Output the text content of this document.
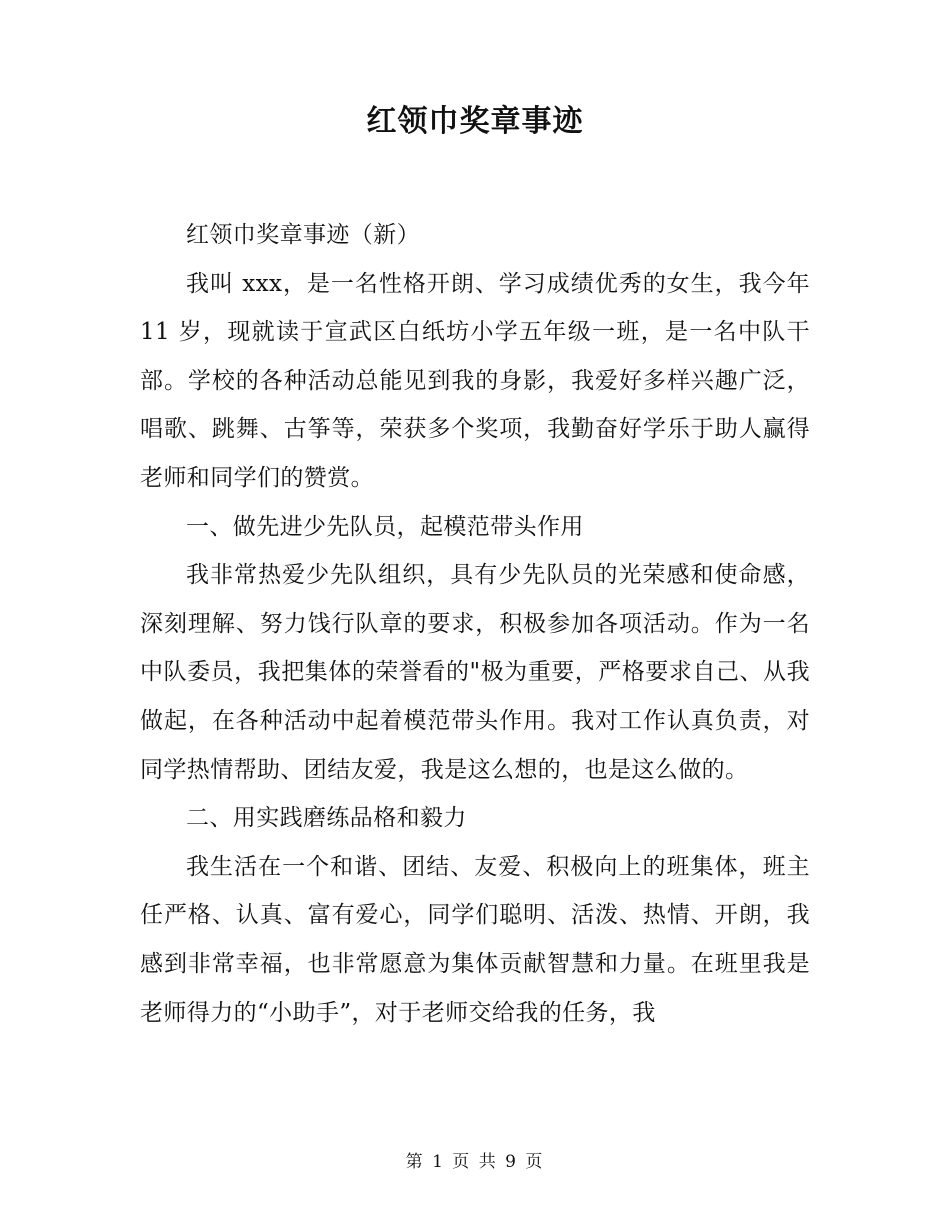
红领巾奖章事迹

红领巾奖章事迹（新）

我叫 xxx，是一名性格开朗、学习成绩优秀的女生，我今年 11 岁，现就读于宣武区白纸坊小学五年级一班，是一名中队干部。学校的各种活动总能见到我的身影，我爱好多样兴趣广泛，唱歌、跳舞、古筝等，荣获多个奖项，我勤奋好学乐于助人赢得老师和同学们的赞赏。

一、做先进少先队员，起模范带头作用

我非常热爱少先队组织，具有少先队员的光荣感和使命感，深刻理解、努力饯行队章的要求，积极参加各项活动。作为一名中队委员，我把集体的荣誉看的"极为重要，严格要求自己、从我做起，在各种活动中起着模范带头作用。我对工作认真负责，对同学热情帮助、团结友爱，我是这么想的，也是这么做的。

二、用实践磨练品格和毅力

我生活在一个和谐、团结、友爱、积极向上的班集体，班主任严格、认真、富有爱心，同学们聪明、活泼、热情、开朗，我感到非常幸福，也非常愿意为集体贡献智慧和力量。在班里我是老师得力的“小助手”，对于老师交给我的任务，我

第 1 页 共 9 页
